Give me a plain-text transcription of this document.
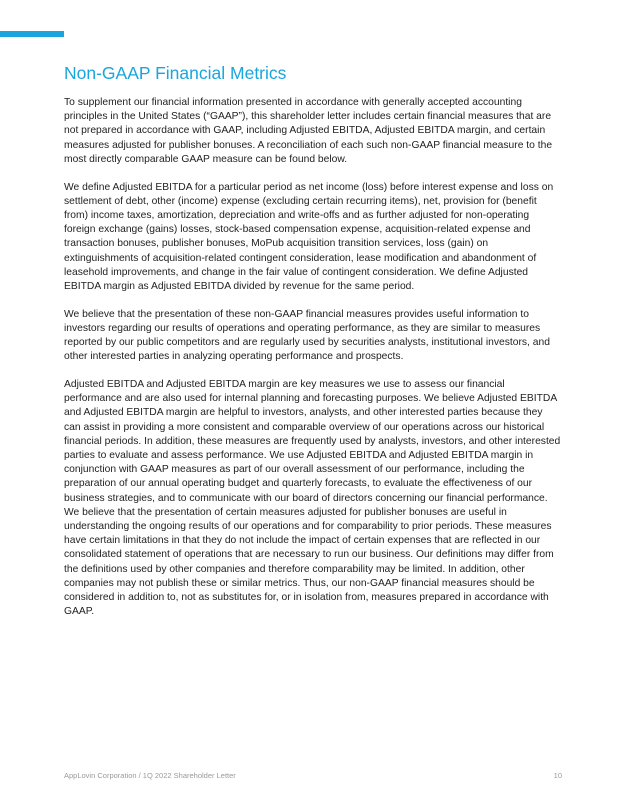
Non-GAAP Financial Metrics

To supplement our financial information presented in accordance with generally accepted accounting principles in the United States (“GAAP”), this shareholder letter includes certain financial measures that are not prepared in accordance with GAAP, including Adjusted EBITDA, Adjusted EBITDA margin, and certain measures adjusted for publisher bonuses. A reconciliation of each such non-GAAP financial measure to the most directly comparable GAAP measure can be found below.

We define Adjusted EBITDA for a particular period as net income (loss) before interest expense and loss on settlement of debt, other (income) expense (excluding certain recurring items), net, provision for (benefit from) income taxes, amortization, depreciation and write-offs and as further adjusted for non-operating foreign exchange (gains) losses, stock-based compensation expense, acquisition-related expense and transaction bonuses, publisher bonuses, MoPub acquisition transition services, loss (gain) on extinguishments of acquisition-related contingent consideration, lease modification and abandonment of leasehold improvements, and change in the fair value of contingent consideration. We define Adjusted EBITDA margin as Adjusted EBITDA divided by revenue for the same period.

We believe that the presentation of these non-GAAP financial measures provides useful information to investors regarding our results of operations and operating performance, as they are similar to measures reported by our public competitors and are regularly used by securities analysts, institutional investors, and other interested parties in analyzing operating performance and prospects.

Adjusted EBITDA and Adjusted EBITDA margin are key measures we use to assess our financial performance and are also used for internal planning and forecasting purposes. We believe Adjusted EBITDA and Adjusted EBITDA margin are helpful to investors, analysts, and other interested parties because they can assist in providing a more consistent and comparable overview of our operations across our historical financial periods. In addition, these measures are frequently used by analysts, investors, and other interested parties to evaluate and assess performance. We use Adjusted EBITDA and Adjusted EBITDA margin in conjunction with GAAP measures as part of our overall assessment of our performance, including the preparation of our annual operating budget and quarterly forecasts, to evaluate the effectiveness of our business strategies, and to communicate with our board of directors concerning our financial performance. We believe that the presentation of certain measures adjusted for publisher bonuses are useful in understanding the ongoing results of our operations and for comparability to prior periods. These measures have certain limitations in that they do not include the impact of certain expenses that are reflected in our consolidated statement of operations that are necessary to run our business. Our definitions may differ from the definitions used by other companies and therefore comparability may be limited. In addition, other companies may not publish these or similar metrics. Thus, our non-GAAP financial measures should be considered in addition to, not as substitutes for, or in isolation from, measures prepared in accordance with GAAP.

AppLovin Corporation / 1Q 2022 Shareholder Letter	10
